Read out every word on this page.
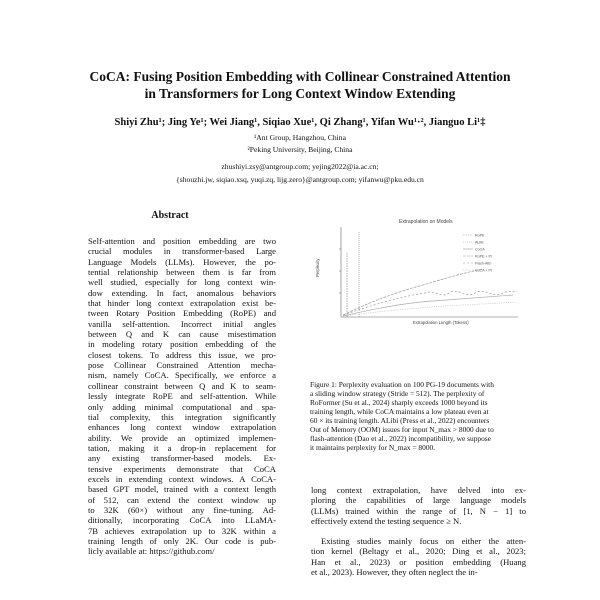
CoCA: Fusing Position Embedding with Collinear Constrained Attention
in Transformers for Long Context Window Extending
Shiyi Zhu¹; Jing Ye¹; Wei Jiang¹, Siqiao Xue¹, Qi Zhang¹, Yifan Wu¹·², Jianguo Li¹‡
¹Ant Group, Hangzhou, China
²Peking University, Beijing, China
zhushiyi.zsy@antgroup.com; yejing2022@ia.ac.cn;
{shouzhi.jw, siqiao.xsq, yuqi.zq, lijg.zero}@antgroup.com; yifanwu@pku.edu.cn
Abstract
Self-attention and position embedding are two
crucial modules in transformer-based Large
Language Models (LLMs). However, the po-
tential relationship between them is far from
well studied, especially for long context win-
dow extending. In fact, anomalous behaviors
that hinder long context extrapolation exist be-
tween Rotary Position Embedding (RoPE) and
vanilla self-attention. Incorrect initial angles
between Q and K can cause misestimation
in modeling rotary position embedding of the
closest tokens. To address this issue, we pro-
pose Collinear Constrained Attention mecha-
nism, namely CoCA. Specifically, we enforce a
collinear constraint between Q and K to seam-
lessly integrate RoPE and self-attention. While
only adding minimal computational and spa-
tial complexity, this integration significantly
enhances long context window extrapolation
ability. We provide an optimized implemen-
tation, making it a drop-in replacement for
any existing transformer-based models. Ex-
tensive experiments demonstrate that CoCA
excels in extending context windows. A CoCA-
based GPT model, trained with a context length
of 512, can extend the context window up
to 32K (60×) without any fine-tuning. Ad-
ditionally, incorporating CoCA into LLaMA-
7B achieves extrapolation up to 32K within a
training length of only 2K. Our code is pub-
licly available at: https://github.com/
Extrapolation on Models
Extrapolation Length (Tokens)
Perplexity
RoPE
ALiBi
CoCA
RoPE + PI
Flash-Attn
CoCA + PI
Figure 1: Perplexity evaluation on 100 PG-19 documents with
a sliding window strategy (Stride = 512). The perplexity of
RoFormer (Su et al., 2024) sharply exceeds 1000 beyond its
training length, while CoCA maintains a low plateau even at
60 × its training length. ALibi (Press et al., 2022) encounters
Out of Memory (OOM) issues for input N_max > 8000 due to
flash-attention (Dao et al., 2022) incompatibility, we suppose
it maintains perplexity for N_max = 8000.
long context extrapolation, have delved into ex-
ploring the capabilities of large language models
(LLMs) trained within the range of [1, N − 1] to
effectively extend the testing sequence ≥ N.
Existing studies mainly focus on either the atten-
tion kernel (Beltagy et al., 2020; Ding et al., 2023;
Han et al., 2023) or position embedding (Huang
et al., 2023). However, they often neglect the in-
